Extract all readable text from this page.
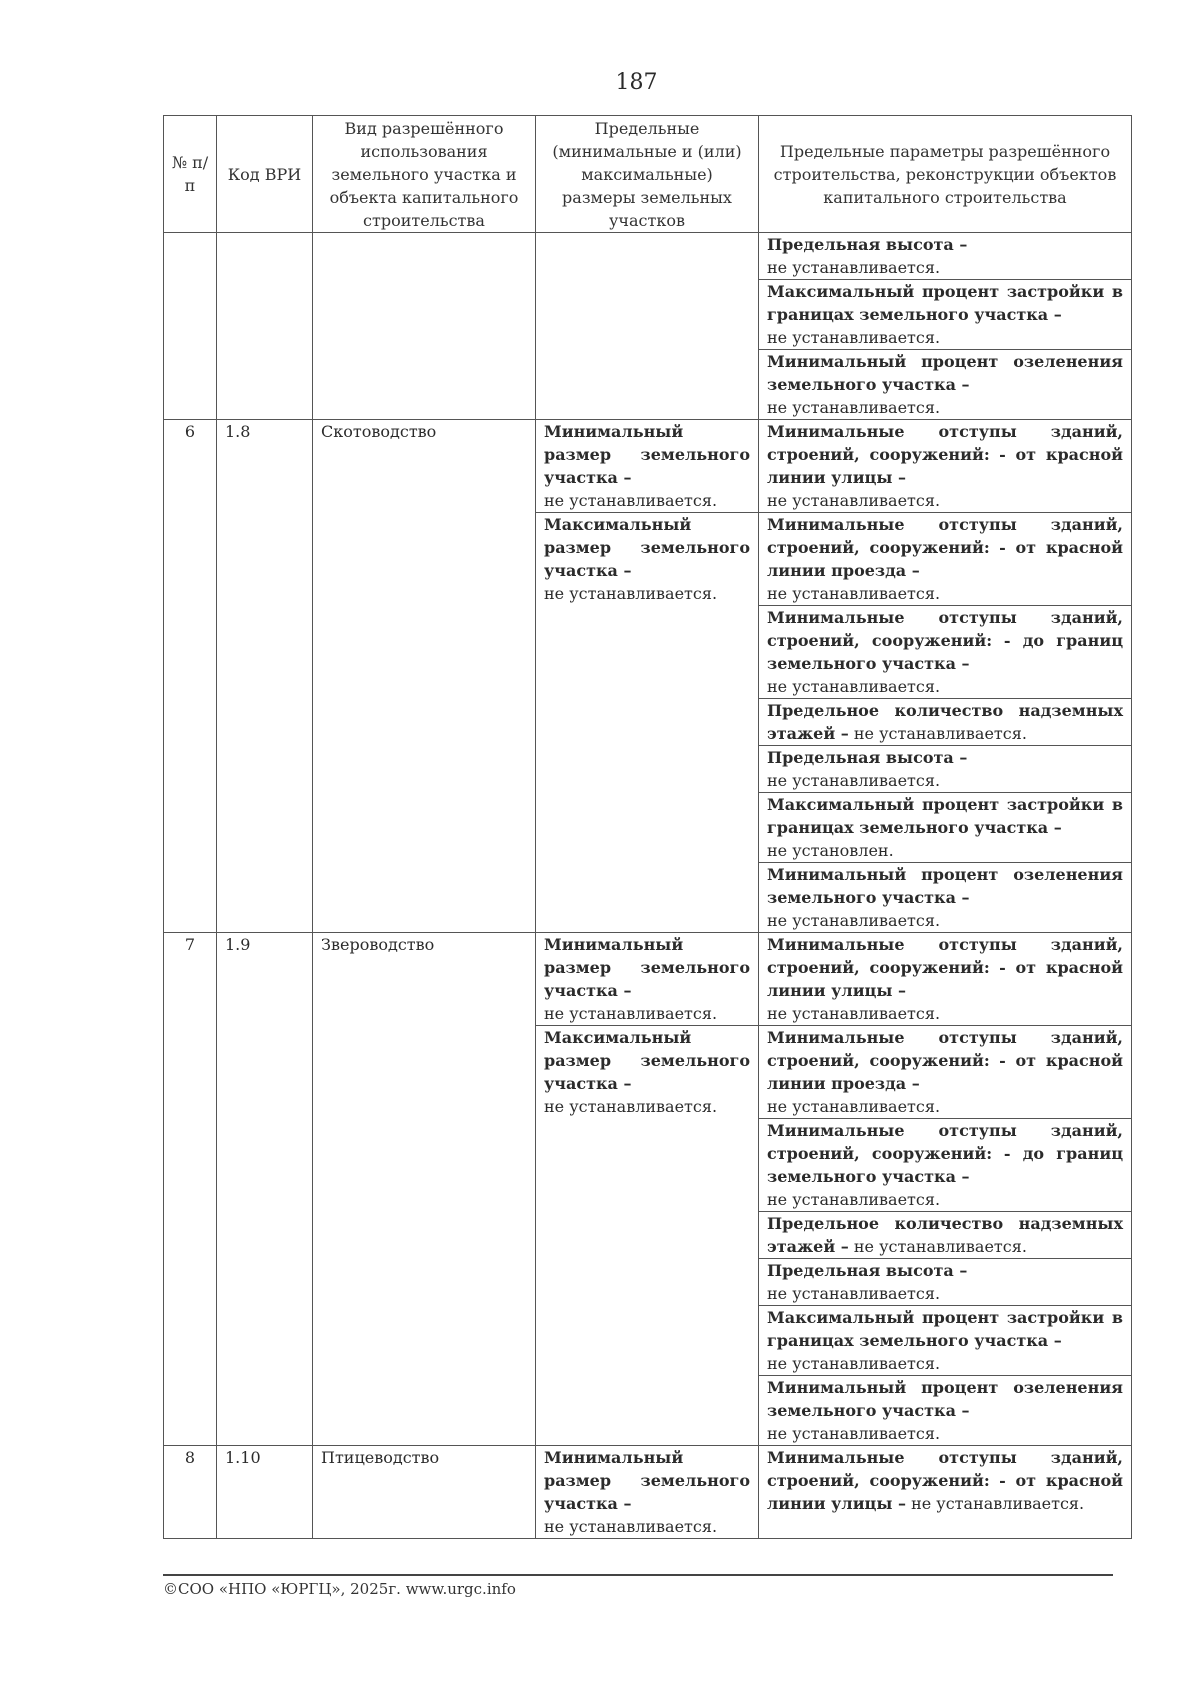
187
№ п/п	Код ВРИ	Вид разрешённого использования земельного участка и объекта капитального строительства	Предельные (минимальные и (или) максимальные) размеры земельных участков	Предельные параметры разрешённого строительства, реконструкции объектов капитального строительства
				Предельная высота –
не устанавливается.
				Максимальный процент застройки в границах земельного участка –
не устанавливается.
				Минимальный процент озеленения земельного участка –
не устанавливается.
6	1.8	Скотоводство	Минимальный размер земельного участка –
не устанавливается.	Минимальные отступы зданий, строений, сооружений: - от красной линии улицы –
не устанавливается.
			Максимальный размер земельного участка –
не устанавливается.	Минимальные отступы зданий, строений, сооружений: - от красной линии проезда –
не устанавливается.
				Минимальные отступы зданий, строений, сооружений: - до границ земельного участка –
не устанавливается.
				Предельное количество надземных этажей – не устанавливается.
				Предельная высота –
не устанавливается.
				Максимальный процент застройки в границах земельного участка –
не установлен.
				Минимальный процент озеленения земельного участка –
не устанавливается.
7	1.9	Звероводство	Минимальный размер земельного участка –
не устанавливается.	Минимальные отступы зданий, строений, сооружений: - от красной линии улицы –
не устанавливается.
			Максимальный размер земельного участка –
не устанавливается.	Минимальные отступы зданий, строений, сооружений: - от красной линии проезда –
не устанавливается.
				Минимальные отступы зданий, строений, сооружений: - до границ земельного участка –
не устанавливается.
				Предельное количество надземных этажей – не устанавливается.
				Предельная высота –
не устанавливается.
				Максимальный процент застройки в границах земельного участка –
не устанавливается.
				Минимальный процент озеленения земельного участка –
не устанавливается.
8	1.10	Птицеводство	Минимальный размер земельного участка –
не устанавливается.	Минимальные отступы зданий, строений, сооружений: - от красной линии улицы – не устанавливается.
©СОО «НПО «ЮРГЦ», 2025г. www.urgc.info
